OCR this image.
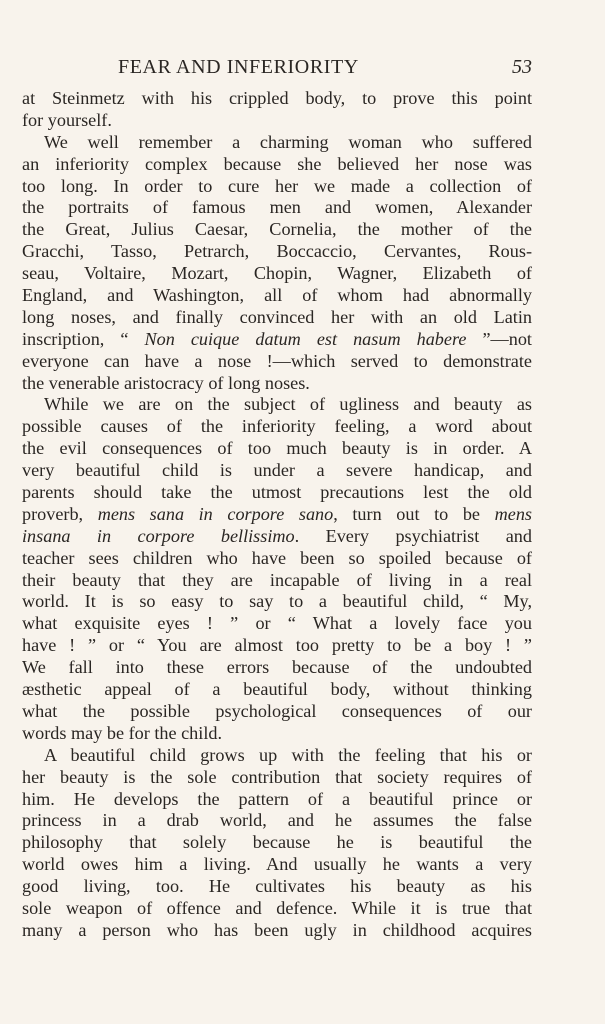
FEAR AND INFERIORITY	53
at Steinmetz with his crippled body, to prove this point
for yourself.
We well remember a charming woman who suffered
an inferiority complex because she believed her nose was
too long. In order to cure her we made a collection of
the portraits of famous men and women, Alexander
the Great, Julius Caesar, Cornelia, the mother of the
Gracchi, Tasso, Petrarch, Boccaccio, Cervantes, Rous-
seau, Voltaire, Mozart, Chopin, Wagner, Elizabeth of
England, and Washington, all of whom had abnormally
long noses, and finally convinced her with an old Latin
inscription, “ Non cuique datum est nasum habere ”—not
everyone can have a nose !—which served to demonstrate
the venerable aristocracy of long noses.
While we are on the subject of ugliness and beauty as
possible causes of the inferiority feeling, a word about
the evil consequences of too much beauty is in order. A
very beautiful child is under a severe handicap, and
parents should take the utmost precautions lest the old
proverb, mens sana in corpore sano, turn out to be mens
insana in corpore bellissimo. Every psychiatrist and
teacher sees children who have been so spoiled because of
their beauty that they are incapable of living in a real
world. It is so easy to say to a beautiful child, “ My,
what exquisite eyes ! ” or “ What a lovely face you
have ! ” or “ You are almost too pretty to be a boy ! ”
We fall into these errors because of the undoubted
æsthetic appeal of a beautiful body, without thinking
what the possible psychological consequences of our
words may be for the child.
A beautiful child grows up with the feeling that his or
her beauty is the sole contribution that society requires of
him. He develops the pattern of a beautiful prince or
princess in a drab world, and he assumes the false
philosophy that solely because he is beautiful the
world owes him a living. And usually he wants a very
good living, too. He cultivates his beauty as his
sole weapon of offence and defence. While it is true that
many a person who has been ugly in childhood acquires
